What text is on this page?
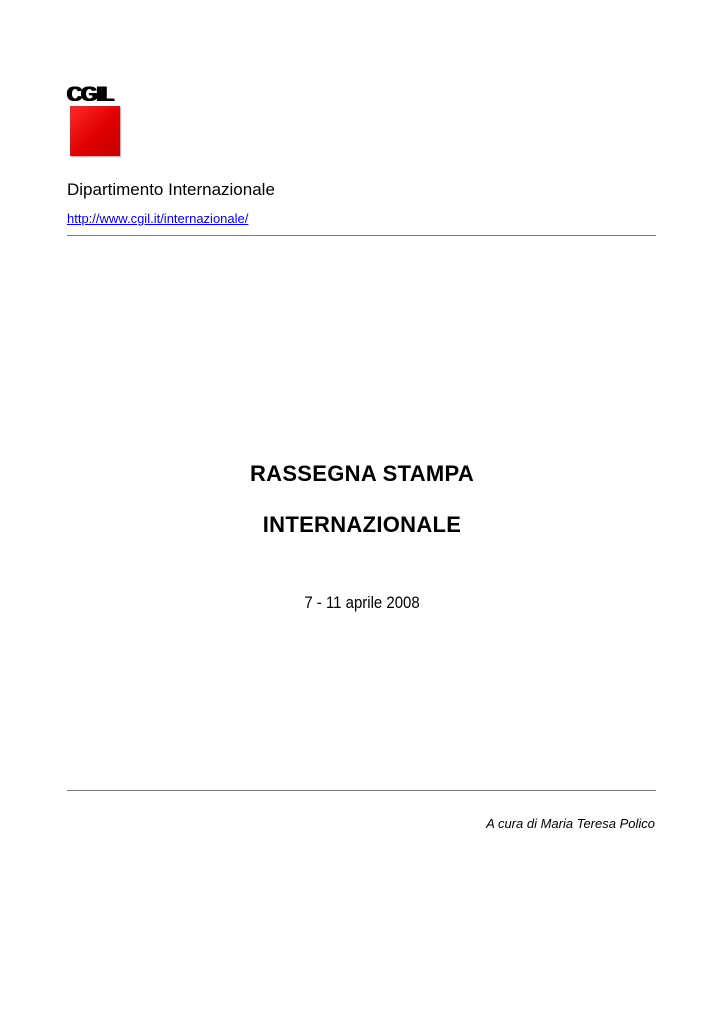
CGIL
Dipartimento Internazionale
http://www.cgil.it/internazionale/
RASSEGNA STAMPA
INTERNAZIONALE
7 - 11 aprile 2008
A cura di Maria Teresa Polico
